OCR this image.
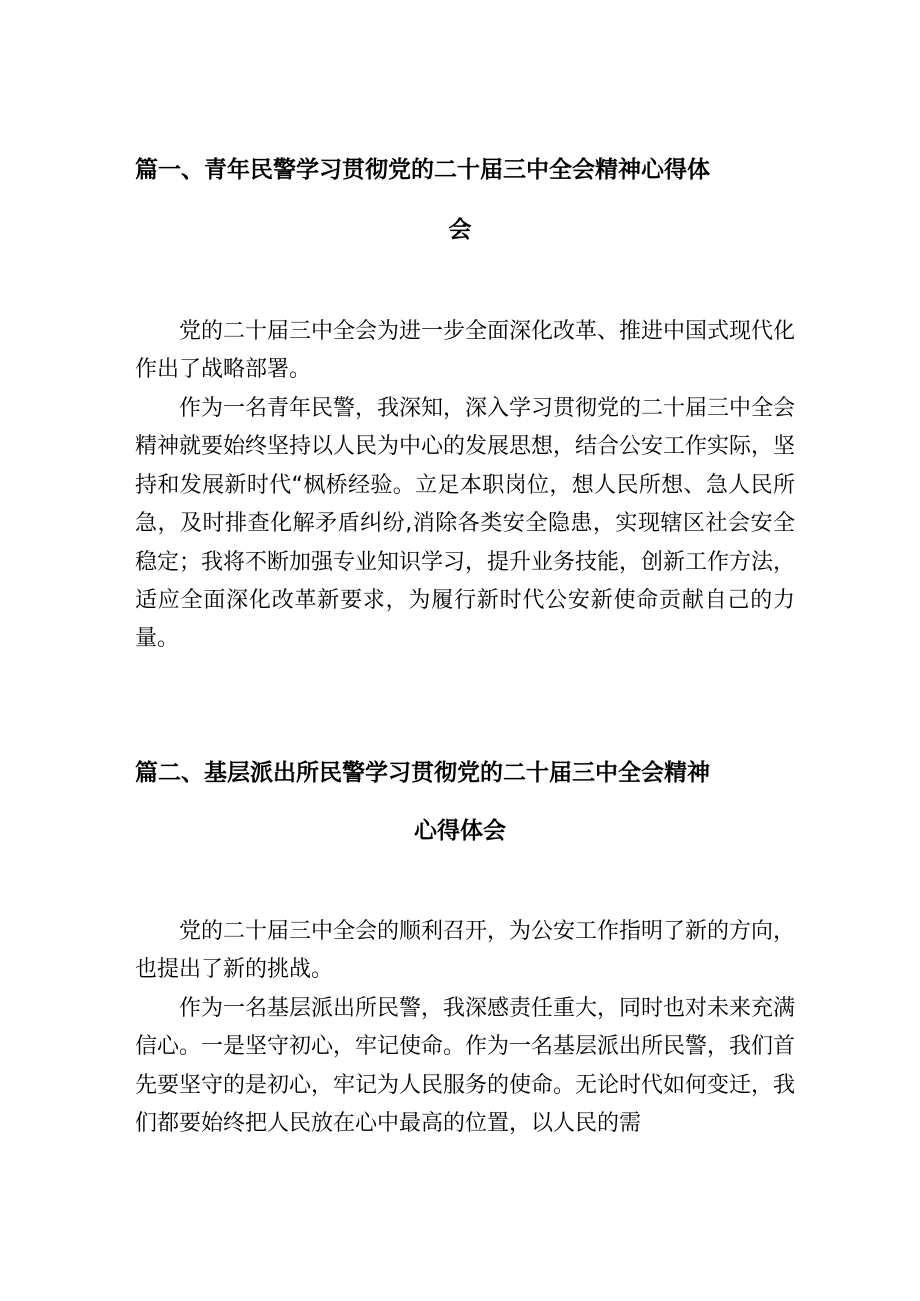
篇一、青年民警学习贯彻党的二十届三中全会精神心得体
会
党的二十届三中全会为进一步全面深化改革、推进中国式现代化作出了战略部署。
作为一名青年民警，我深知，深入学习贯彻党的二十届三中全会精神就要始终坚持以人民为中心的发展思想，结合公安工作实际，坚持和发展新时代“枫桥经验。立足本职岗位，想人民所想、急人民所急，及时排查化解矛盾纠纷,消除各类安全隐患，实现辖区社会安全稳定；我将不断加强专业知识学习，提升业务技能，创新工作方法，适应全面深化改革新要求，为履行新时代公安新使命贡献自己的力量。
篇二、基层派出所民警学习贯彻党的二十届三中全会精神
心得体会
党的二十届三中全会的顺利召开，为公安工作指明了新的方向，也提出了新的挑战。
作为一名基层派出所民警，我深感责任重大，同时也对未来充满信心。一是坚守初心，牢记使命。作为一名基层派出所民警，我们首先要坚守的是初心，牢记为人民服务的使命。无论时代如何变迁，我们都要始终把人民放在心中最高的位置，以人民的需
